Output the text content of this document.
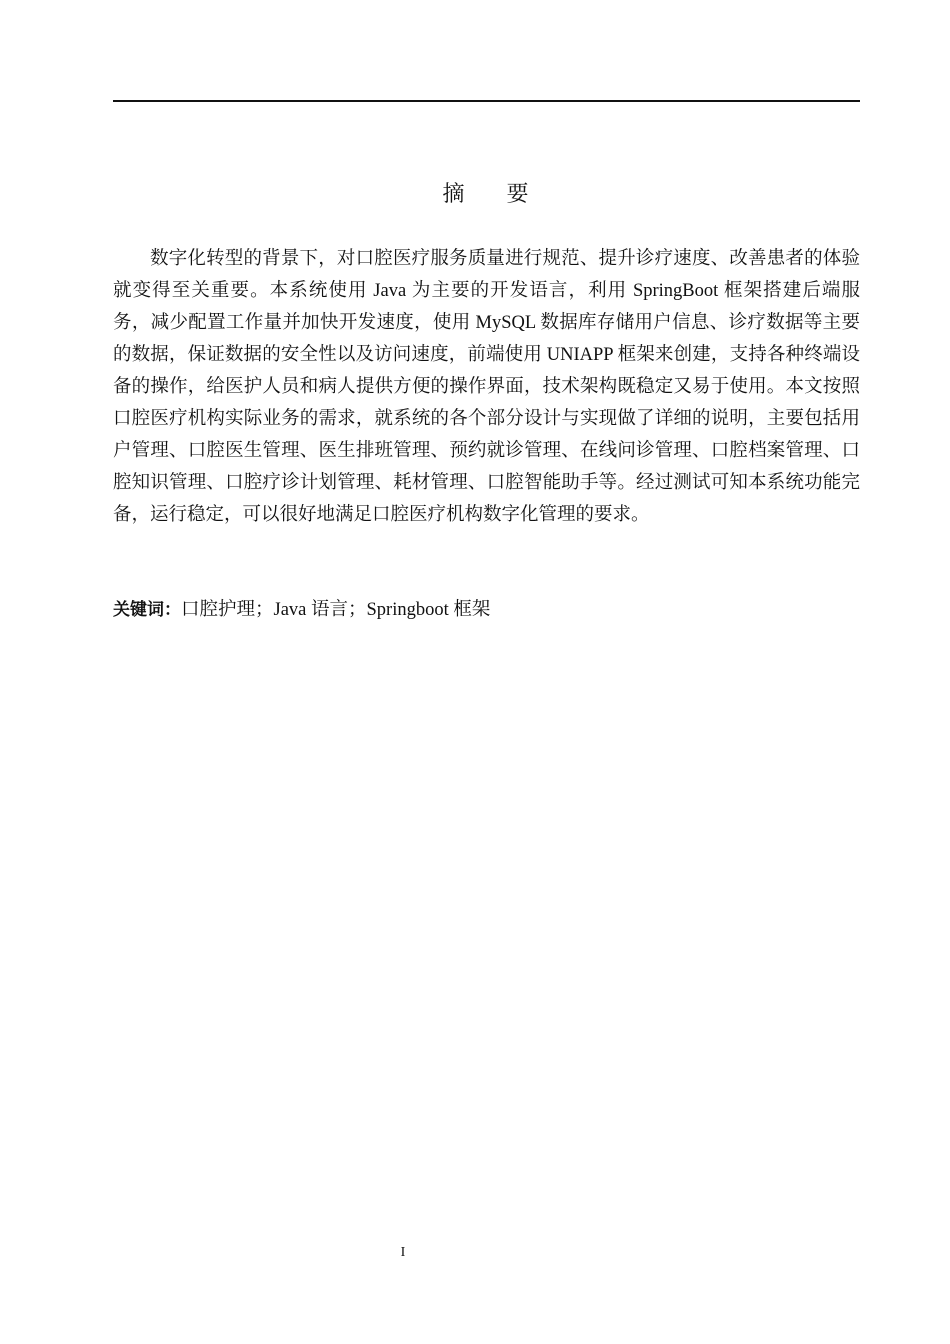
摘 要

数字化转型的背景下，对口腔医疗服务质量进行规范、提升诊疗速度、改善患者的体验就变得至关重要。本系统使用 Java 为主要的开发语言，利用 SpringBoot 框架搭建后端服务，减少配置工作量并加快开发速度，使用 MySQL 数据库存储用户信息、诊疗数据等主要的数据，保证数据的安全性以及访问速度，前端使用 UNIAPP 框架来创建，支持各种终端设备的操作，给医护人员和病人提供方便的操作界面，技术架构既稳定又易于使用。本文按照口腔医疗机构实际业务的需求，就系统的各个部分设计与实现做了详细的说明，主要包括用户管理、口腔医生管理、医生排班管理、预约就诊管理、在线问诊管理、口腔档案管理、口腔知识管理、口腔疗诊计划管理、耗材管理、口腔智能助手等。经过测试可知本系统功能完备，运行稳定，可以很好地满足口腔医疗机构数字化管理的要求。

关键词：口腔护理；Java 语言；Springboot 框架
I
